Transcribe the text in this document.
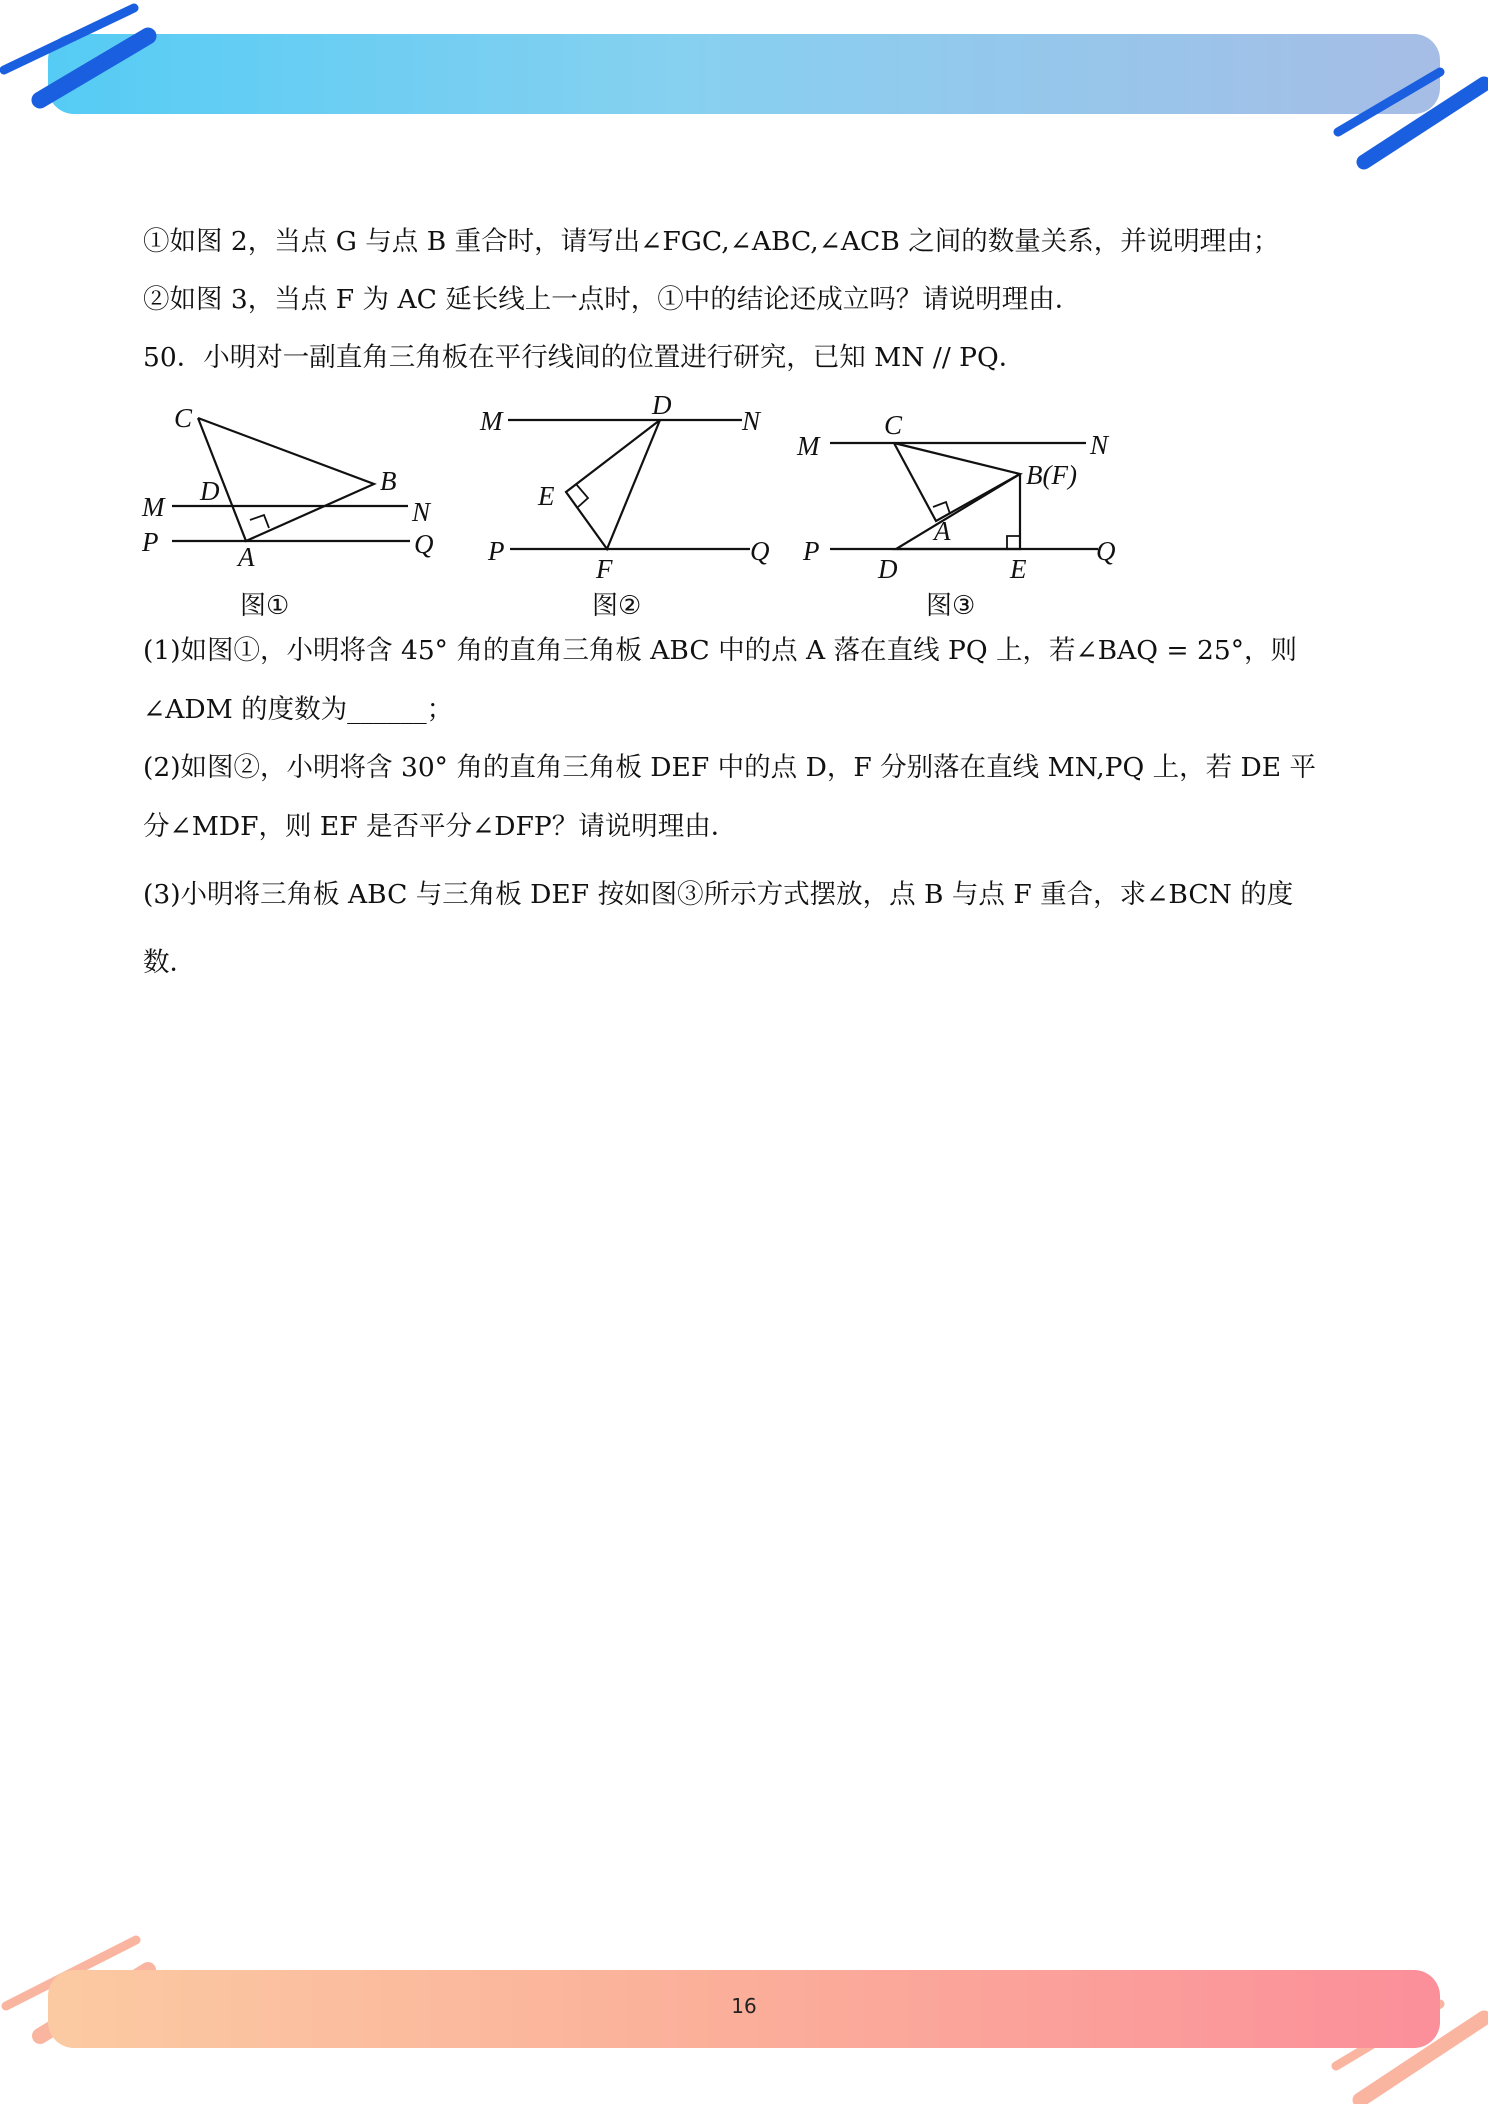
16
①如图 2，当点 G 与点 B 重合时，请写出∠FGC,∠ABC,∠ACB 之间的数量关系，并说明理由；
②如图 3，当点 F 为 AC 延长线上一点时，①中的结论还成立吗？请说明理由．
50．小明对一副直角三角板在平行线间的位置进行研究，已知 MN // PQ．
(1)如图①，小明将含 45° 角的直角三角板 ABC 中的点 A 落在直线 PQ 上，若∠BAQ = 25°，则
∠ADM 的度数为______；
(2)如图②，小明将含 30° 角的直角三角板 DEF 中的点 D，F 分别落在直线 MN,PQ 上，若 DE 平
分∠MDF，则 EF 是否平分∠DFP？请说明理由．
(3)小明将三角板 ABC 与三角板 DEF 按如图③所示方式摆放，点 B 与点 F 重合，求∠BCN 的度
数．
C
D	B
M	N
P	A	Q
图①
M
D
N
E
P
F
Q
图②
M
C
N
B(F)
A
P
D	E
Q
图③
